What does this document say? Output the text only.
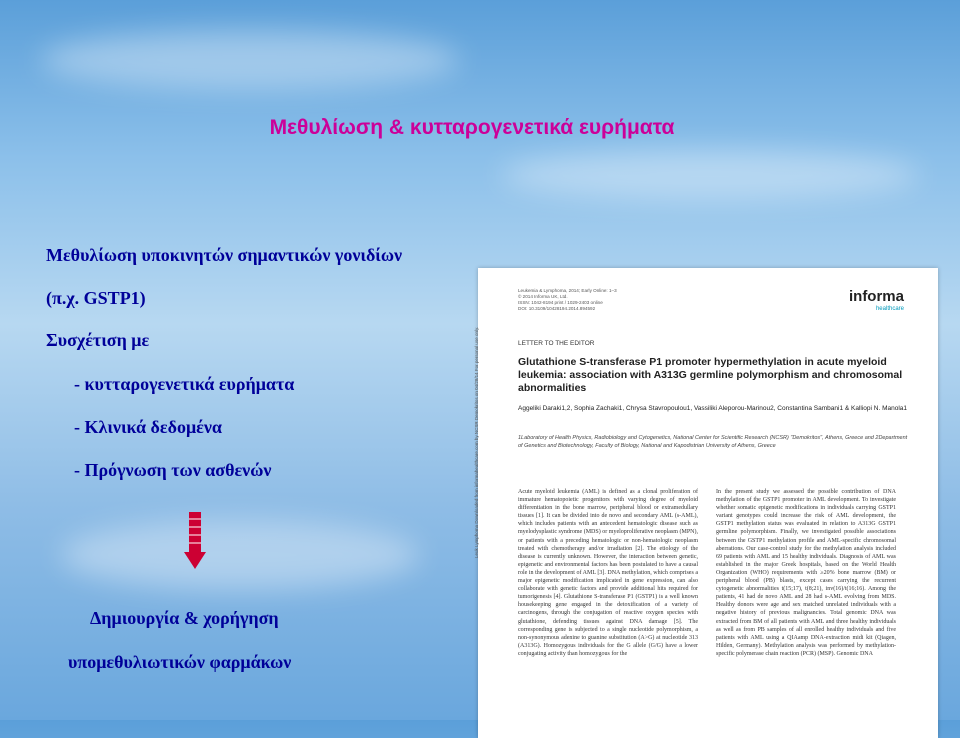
Μεθυλίωση & κυτταρογενετικά ευρήματα
Μεθυλίωση υποκινητών σημαντικών γονιδίων
(π.χ. GSTP1)
Συσχέτιση με
- κυτταρογενετικά ευρήματα
- Κλινικά δεδομένα
- Πρόγνωση των ασθενών
Δημιουργία & χορήγηση
υπομεθυλιωτικών φαρμάκων
Leukemia & Lymphoma, 2014; Early Online: 1–3
© 2014 Informa UK, Ltd.
ISSN: 1042-8194 print / 1029-2403 online
DOI: 10.3109/10428194.2014.894592
informa
healthcare
LETTER TO THE EDITOR
Glutathione S-transferase P1 promoter hypermethylation in acute myeloid leukemia: association with A313G germline polymorphism and chromosomal abnormalities
Aggeliki Daraki1,2, Sophia Zachaki1, Chrysa Stavropoulou1, Vassiliki Aleporou-Marinou2, Constantina Sambani1 & Kalliopi N. Manola1
1Laboratory of Health Physics, Radiobiology and Cytogenetics, National Center for Scientific Research (NCSR) "Demokritos", Athens, Greece and 2Department of Genetics and Biotechnology, Faculty of Biology, National and Kapodistrian University of Athens, Greece
Acute myeloid leukemia (AML) is defined as a clonal proliferation of immature hematopoietic progenitors with varying degree of myeloid differentiation in the bone marrow, peripheral blood or extramedullary tissues [1]. It can be divided into de novo and secondary AML (s-AML), which includes patients with an antecedent hematologic disease such as myelodysplastic syndrome (MDS) or myeloproliferative neoplasm (MPN), or patients with a preceding hematologic or non-hematologic neoplasm treated with chemotherapy and/or irradiation [2]. The etiology of the disease is currently unknown. However, the interaction between genetic, epigenetic and environmental factors has been postulated to have a causal role in the development of AML [3]. DNA methylation, which comprises a major epigenetic modification implicated in gene expression, can also collaborate with genetic factors and provide additional hits required for tumorigenesis [4]. Glutathione S-transferase P1 (GSTP1) is a well known housekeeping gene engaged in the detoxification of a variety of carcinogens, through the conjugation of reactive oxygen species with glutathione, defending tissues against DNA damage [5]. The corresponding gene is subjected to a single nucleotide polymorphism, a non-synonymous adenine to guanine substitution (A>G) at nucleotide 313 (A313G). Homozygous individuals for the G allele (G/G) have a lower conjugating activity than homozygous for the
In the present study we assessed the possible contribution of DNA methylation of the GSTP1 promoter in AML development. To investigate whether somatic epigenetic modifications in individuals carrying GSTP1 variant genotypes could increase the risk of AML development, the GSTP1 methylation status was evaluated in relation to A313G GSTP1 germline polymorphism. Finally, we investigated possible associations between the GSTP1 methylation profile and AML-specific chromosomal aberrations. Our case-control study for the methylation analysis included 69 patients with AML and 15 healthy individuals. Diagnosis of AML was established in the major Greek hospitals, based on the World Health Organization (WHO) requirements with ≥20% bone marrow (BM) or peripheral blood (PB) blasts, except cases carrying the recurrent cytogenetic abnormalities t(15;17), t(8;21), inv(16)/t(16;16). Among the patients, 41 had de novo AML and 28 had s-AML evolving from MDS. Healthy donors were age and sex matched unrelated individuals with a negative history of previous malignancies. Total genomic DNA was extracted from BM of all patients with AML and three healthy individuals as well as from PB samples of all enrolled healthy individuals and five patients with AML using a QIAamp DNA-extraction midi kit (Qiagen, Hilden, Germany). Methylation analysis was performed by methylation-specific polymerase chain reaction (PCR) (MSP). Genomic DNA
Leuk Lymphoma Downloaded from informahealthcare.com by NCSR Demokritos on 04/28/14 For personal use only.
